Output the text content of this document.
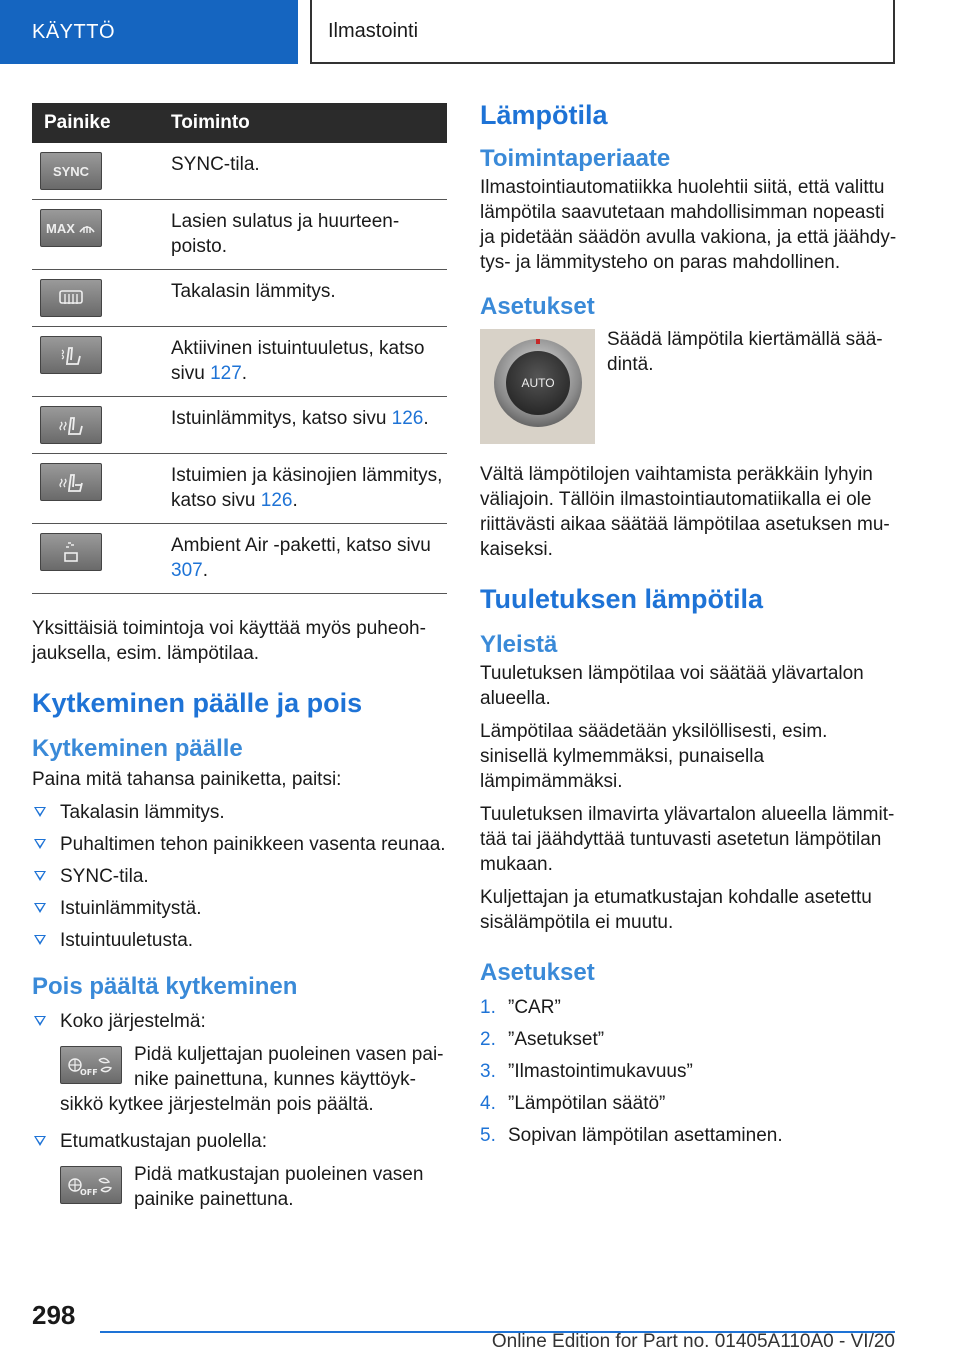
KÄYTTÖ	Ilmastointi
Painike	Toiminto

SYNC	SYNC-tila.

MAX	Lasien sulatus ja huurteen-poisto.

	Takalasin lämmitys.

	Aktiivinen istuintuuletus, katso sivu 127.

	Istuinlämmitys, katso sivu 126.

	Istuimien ja käsinojien lämmitys, katso sivu 126.

	Ambient Air -paketti, katso sivu 307.

Yksittäisiä toimintoja voi käyttää myös puheoh-jauksella, esim. lämpötilaa.

Kytkeminen päälle ja pois
Kytkeminen päälle

Paina mitä tahansa painiketta, paitsi:

Takalasin lämmitys.
Puhaltimen tehon painikkeen vasenta reunaa.
SYNC-tila.
Istuinlämmitystä.
Istuintuuletusta.
Pois päältä kytkeminen
Koko järjestelmä:
OFF
Pidä kuljettajan puoleinen vasen pai-nike painettuna, kunnes käyttöyk-sikkö kytkee järjestelmän pois päältä.
Etumatkustajan puolella:
OFF
Pidä matkustajan puoleinen vasen painike painettuna.
Lämpötila
Toimintaperiaate

Ilmastointiautomatiikka huolehtii siitä, että valittu lämpötila saavutetaan mahdollisimman nopeasti ja pidetään säädön avulla vakiona, ja että jäähdy-tys- ja lämmitysteho on paras mahdollinen.

Asetukset
AUTO

Säädä lämpötila kiertämällä sää-dintä.

Vältä lämpötilojen vaihtamista peräkkäin lyhyin väliajoin. Tällöin ilmastointiautomatiikalla ei ole riittävästi aikaa säätää lämpötilaa asetuksen mu-kaiseksi.

Tuuletuksen lämpötila
Yleistä

Tuuletuksen lämpötilaa voi säätää ylävartalon alueella.

Lämpötilaa säädetään yksilöllisesti, esim. sinisellä kylmemmäksi, punaisella lämpimämmäksi.

Tuuletuksen ilmavirta ylävartalon alueella lämmit-tää tai jäähdyttää tuntuvasti asetetun lämpötilan mukaan.

Kuljettajan ja etumatkustajan kohdalle asetettu sisälämpötila ei muutu.

Asetukset
1. ”CAR”
2. ”Asetukset”
3. ”Ilmastointimukavuus”
4. ”Lämpötilan säätö”
5. Sopivan lämpötilan asettaminen.
298
Online Edition for Part no. 01405A110A0 - VI/20
